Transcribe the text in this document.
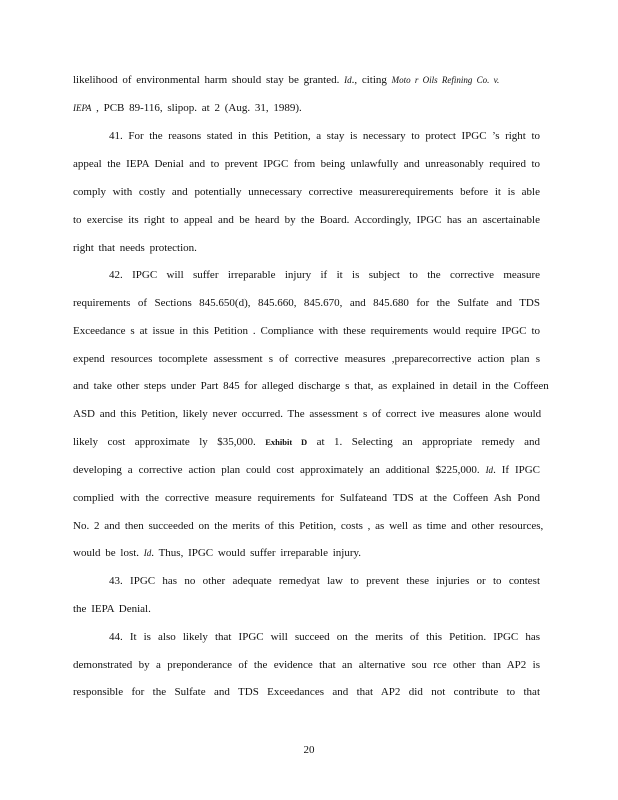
likelihood of environmental harm should stay be granted. Id., citing Moto r Oils Refining Co. v.
IEPA , PCB 89-116, slipop. at 2 (Aug. 31, 1989).
41. For the reasons stated in this Petition, a stay is necessary to protect IPGC ’s right to
appeal the IEPA Denial and to prevent IPGC from being unlawfully and unreasonably required to
comply with costly and potentially unnecessary corrective measurerequirements before it is able
to exercise its right to appeal and be heard by the Board. Accordingly, IPGC has an ascertainable
right that needs protection.
42. IPGC will suffer irreparable injury if it is subject to the corrective measure
requirements of Sections 845.650(d), 845.660, 845.670, and 845.680 for the Sulfate and TDS
Exceedance s at issue in this Petition . Compliance with these requirements would require IPGC to
expend resources tocomplete assessment s of corrective measures ,preparecorrective action plan s
and take other steps under Part 845 for alleged discharge s that, as explained in detail in the Coffeen
ASD and this Petition, likely never occurred. The assessment s of correct ive measures alone would
likely cost approximate ly $35,000. Exhibit D at 1. Selecting an appropriate remedy and
developing a corrective action plan could cost approximately an additional $225,000. Id. If IPGC
complied with the corrective measure requirements for Sulfateand TDS at the Coffeen Ash Pond
No. 2 and then succeeded on the merits of this Petition, costs , as well as time and other resources,
would be lost. Id. Thus, IPGC would suffer irreparable injury.
43. IPGC has no other adequate remedyat law to prevent these injuries or to contest
the IEPA Denial.
44. It is also likely that IPGC will succeed on the merits of this Petition. IPGC has
demonstrated by a preponderance of the evidence that an alternative sou rce other than AP2 is
responsible for the Sulfate and TDS Exceedances and that AP2 did not contribute to that
20
